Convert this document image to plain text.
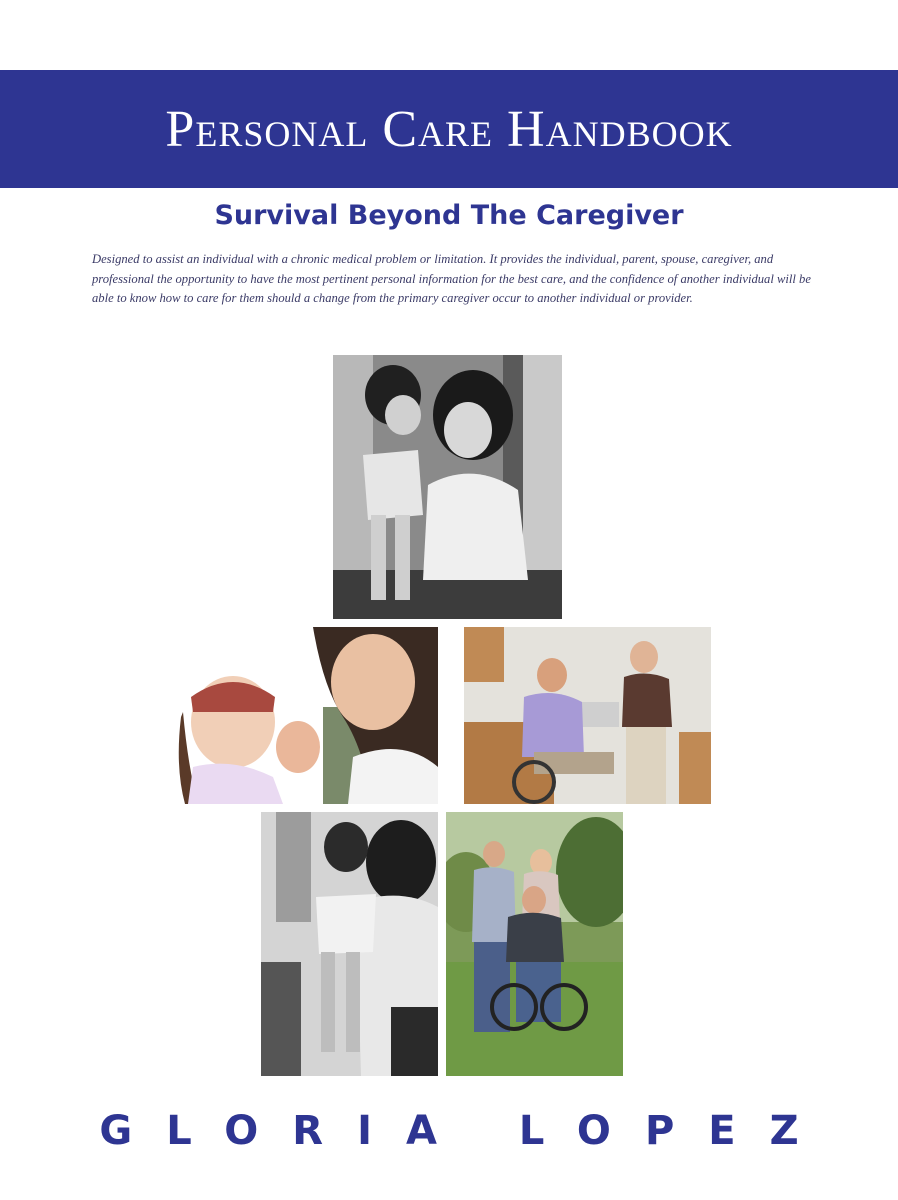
Personal Care Handbook
Survival Beyond The Caregiver
Designed to assist an individual with a chronic medical problem or limitation. It provides the individual, parent, spouse, caregiver, and professional the opportunity to have the most pertinent personal information for the best care, and the confidence of another individual will be able to know how to care for them should a change from the primary caregiver occur to another individual or provider.
GLORIA LOPEZ
